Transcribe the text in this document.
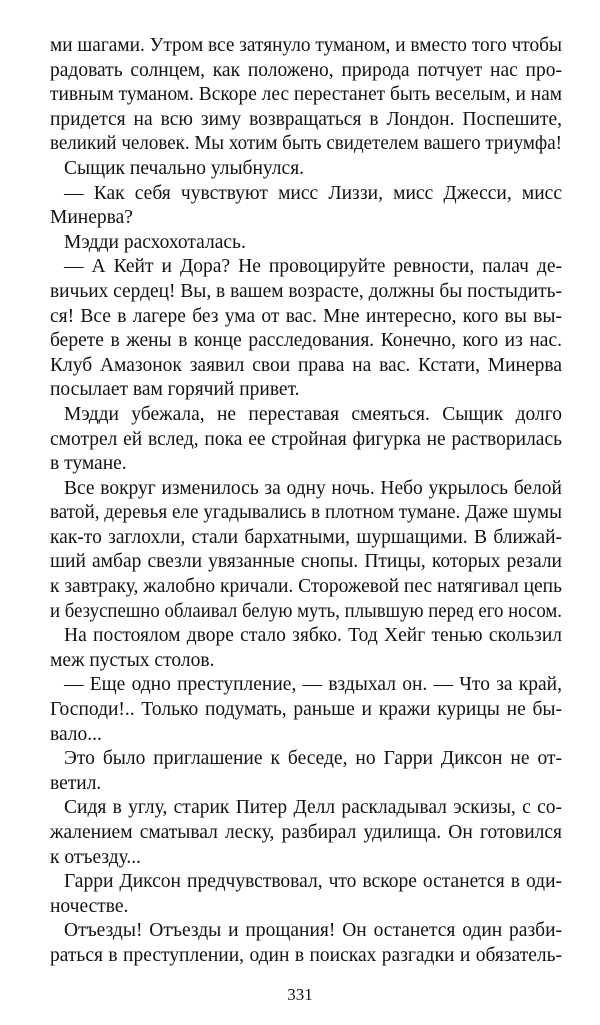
ми шагами. Утром все затянуло туманом, и вместо того чтобы
радовать солнцем, как положено, природа потчует нас про-
тивным туманом. Вскоре лес перестанет быть веселым, и нам
придется на всю зиму возвращаться в Лондон. Поспешите,
великий человек. Мы хотим быть свидетелем вашего триумфа!
Сыщик печально улыбнулся.
— Как себя чувствуют мисс Лиззи, мисс Джесси, мисс
Минерва?
Мэдди расхохоталась.
— А Кейт и Дора? Не провоцируйте ревности, палач де-
вичьих сердец! Вы, в вашем возрасте, должны бы постыдить-
ся! Все в лагере без ума от вас. Мне интересно, кого вы вы-
берете в жены в конце расследования. Конечно, кого из нас.
Клуб Амазонок заявил свои права на вас. Кстати, Минерва
посылает вам горячий привет.
Мэдди убежала, не переставая смеяться. Сыщик долго
смотрел ей вслед, пока ее стройная фигурка не растворилась
в тумане.
Все вокруг изменилось за одну ночь. Небо укрылось белой
ватой, деревья еле угадывались в плотном тумане. Даже шумы
как-то заглохли, стали бархатными, шуршащими. В ближай-
ший амбар свезли увязанные снопы. Птицы, которых резали
к завтраку, жалобно кричали. Сторожевой пес натягивал цепь
и безуспешно облаивал белую муть, плывшую перед его носом.
На постоялом дворе стало зябко. Тод Хейг тенью скользил
меж пустых столов.
— Еще одно преступление, — вздыхал он. — Что за край,
Господи!.. Только подумать, раньше и кражи курицы не бы-
вало...
Это было приглашение к беседе, но Гарри Диксон не от-
ветил.
Сидя в углу, старик Питер Делл раскладывал эскизы, с со-
жалением сматывал леску, разбирал удилища. Он готовился
к отъезду...
Гарри Диксон предчувствовал, что вскоре останется в оди-
ночестве.
Отъезды! Отъезды и прощания! Он останется один разби-
раться в преступлении, один в поисках разгадки и обязатель-
331
